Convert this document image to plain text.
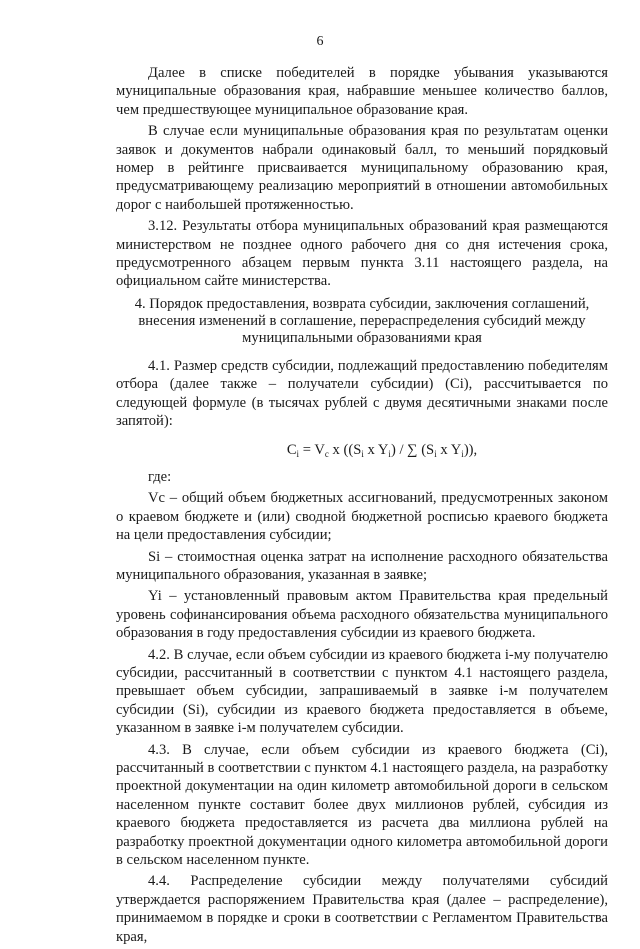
6

Далее в списке победителей в порядке убывания указываются муниципальные образования края, набравшие меньшее количество баллов, чем предшествующее муниципальное образование края.

В случае если муниципальные образования края по результатам оценки заявок и документов набрали одинаковый балл, то меньший порядковый номер в рейтинге присваивается муниципальному образованию края, предусматривающему реализацию мероприятий в отношении автомобильных дорог с наибольшей протяженностью.

3.12. Результаты отбора муниципальных образований края размещаются министерством не позднее одного рабочего дня со дня истечения срока, предусмотренного абзацем первым пункта 3.11 настоящего раздела, на официальном сайте министерства.

4. Порядок предоставления, возврата субсидии, заключения соглашений, внесения изменений в соглашение, перераспределения субсидий между муниципальными образованиями края

4.1. Размер средств субсидии, подлежащий предоставлению победителям отбора (далее также – получатели субсидии) (Сi), рассчитывается по следующей формуле (в тысячах рублей с двумя десятичными знаками после запятой):

$C_i = V_c$ x (($S_i$ x $Y_i$) / ∑ ($S_i$ x $Y_i$)),

где:

Vc – общий объем бюджетных ассигнований, предусмотренных законом о краевом бюджете и (или) сводной бюджетной росписью краевого бюджета на цели предоставления субсидии;

Si – стоимостная оценка затрат на исполнение расходного обязательства муниципального образования, указанная в заявке;

Yi – установленный правовым актом Правительства края предельный уровень софинансирования объема расходного обязательства муниципального образования в году предоставления субсидии из краевого бюджета.

4.2. В случае, если объем субсидии из краевого бюджета i-му получателю субсидии, рассчитанный в соответствии с пунктом 4.1 настоящего раздела, превышает объем субсидии, запрашиваемый в заявке i-м получателем субсидии (Si), субсидии из краевого бюджета предоставляется в объеме, указанном в заявке i-м получателем субсидии.

4.3. В случае, если объем субсидии из краевого бюджета (Сi), рассчитанный в соответствии с пунктом 4.1 настоящего раздела, на разработку проектной документации на один километр автомобильной дороги в сельском населенном пункте составит более двух миллионов рублей, субсидия из краевого бюджета предоставляется из расчета два миллиона рублей на разработку проектной документации одного километра автомобильной дороги в сельском населенном пункте.

4.4. Распределение субсидии между получателями субсидий утверждается распоряжением Правительства края (далее – распределение), принимаемом в порядке и сроки в соответствии с Регламентом Правительства края,
